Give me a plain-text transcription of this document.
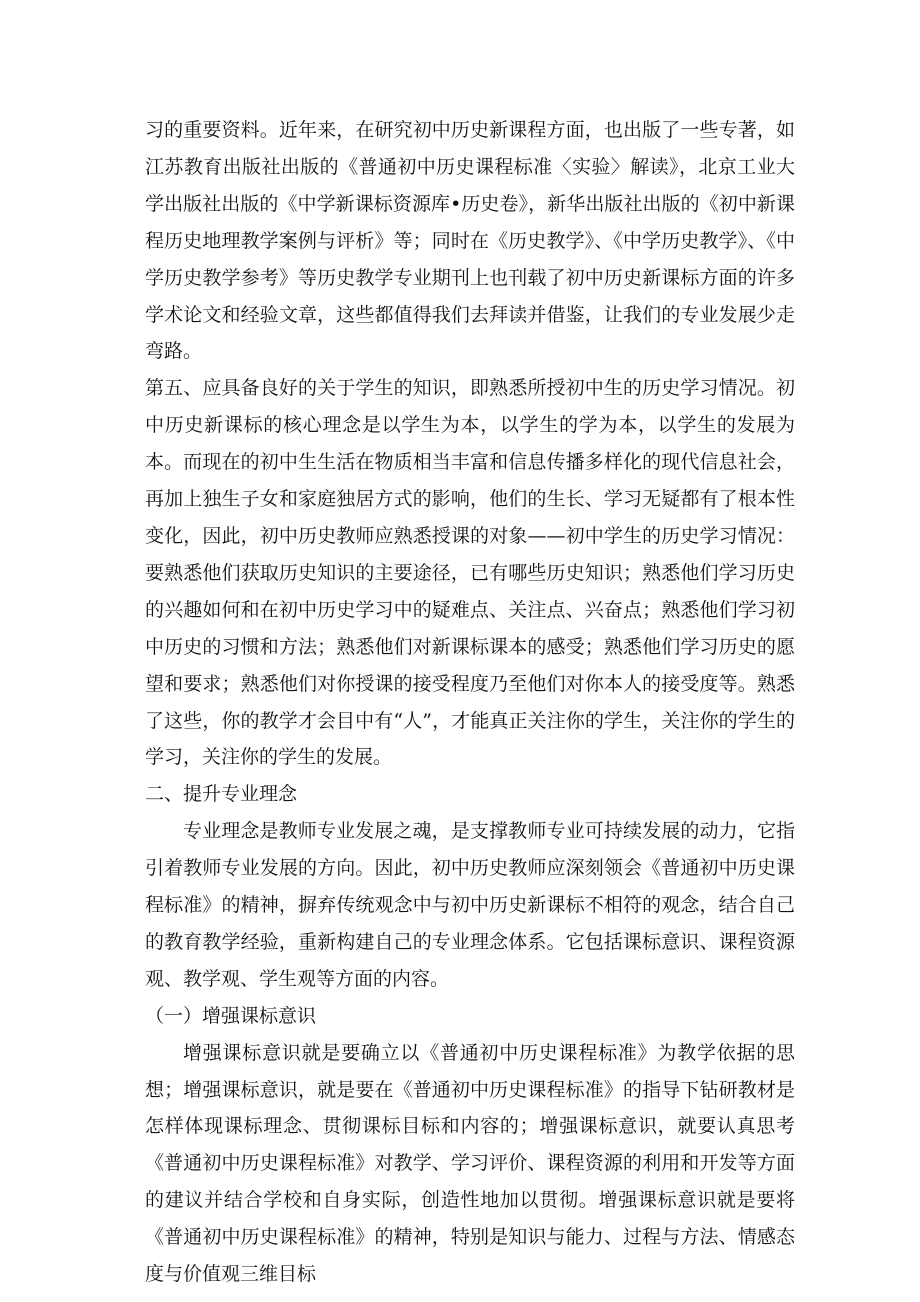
习的重要资料。近年来，在研究初中历史新课程方面，也出版了一些专著，如江苏教育出版社出版的《普通初中历史课程标准〈实验〉解读》，北京工业大学出版社出版的《中学新课标资源库•历史卷》，新华出版社出版的《初中新课程历史地理教学案例与评析》等；同时在《历史教学》、《中学历史教学》、《中学历史教学参考》等历史教学专业期刊上也刊载了初中历史新课标方面的许多学术论文和经验文章，这些都值得我们去拜读并借鉴，让我们的专业发展少走弯路。

第五、应具备良好的关于学生的知识，即熟悉所授初中生的历史学习情况。初中历史新课标的核心理念是以学生为本，以学生的学为本，以学生的发展为本。而现在的初中生生活在物质相当丰富和信息传播多样化的现代信息社会，再加上独生子女和家庭独居方式的影响，他们的生长、学习无疑都有了根本性变化，因此，初中历史教师应熟悉授课的对象——初中学生的历史学习情况：要熟悉他们获取历史知识的主要途径，已有哪些历史知识；熟悉他们学习历史的兴趣如何和在初中历史学习中的疑难点、关注点、兴奋点；熟悉他们学习初中历史的习惯和方法；熟悉他们对新课标课本的感受；熟悉他们学习历史的愿望和要求；熟悉他们对你授课的接受程度乃至他们对你本人的接受度等。熟悉了这些，你的教学才会目中有“人”，才能真正关注你的学生，关注你的学生的学习，关注你的学生的发展。

二、提升专业理念

专业理念是教师专业发展之魂，是支撑教师专业可持续发展的动力，它指引着教师专业发展的方向。因此，初中历史教师应深刻领会《普通初中历史课程标准》的精神，摒弃传统观念中与初中历史新课标不相符的观念，结合自己的教育教学经验，重新构建自己的专业理念体系。它包括课标意识、课程资源观、教学观、学生观等方面的内容。

（一）增强课标意识

增强课标意识就是要确立以《普通初中历史课程标准》为教学依据的思想；增强课标意识，就是要在《普通初中历史课程标准》的指导下钻研教材是怎样体现课标理念、贯彻课标目标和内容的；增强课标意识，就要认真思考《普通初中历史课程标准》对教学、学习评价、课程资源的利用和开发等方面的建议并结合学校和自身实际，创造性地加以贯彻。增强课标意识就是要将《普通初中历史课程标准》的精神，特别是知识与能力、过程与方法、情感态度与价值观三维目标
